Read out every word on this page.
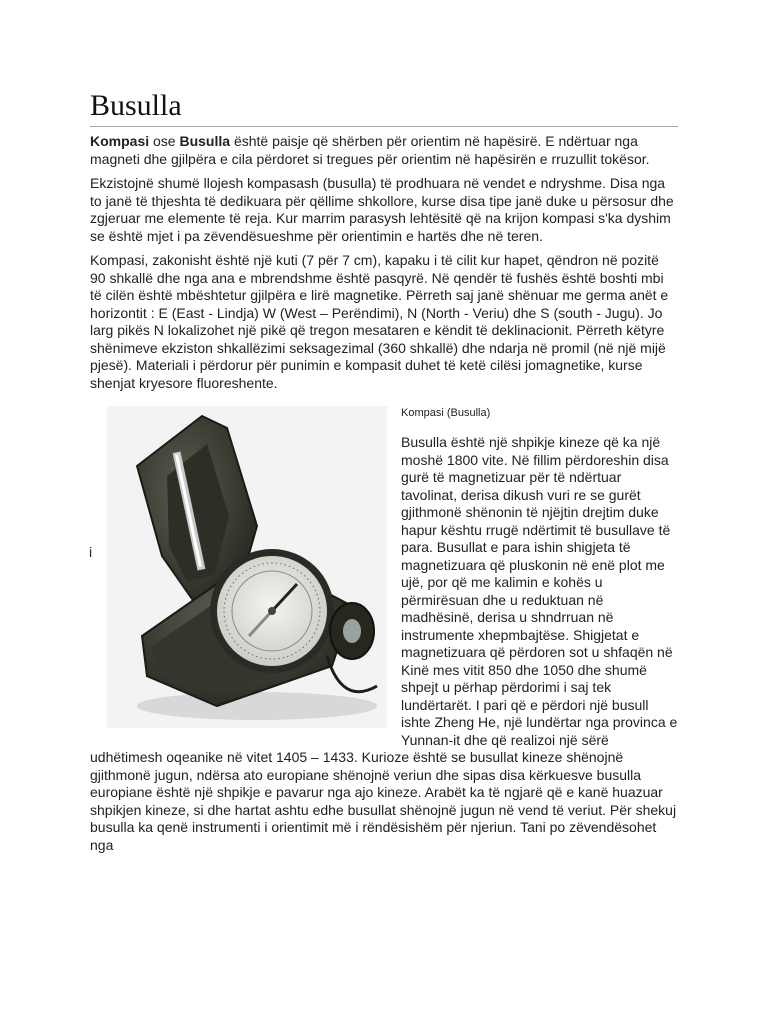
Busulla

Kompasi ose Busulla është paisje që shërben për orientim në hapësirë. E ndërtuar nga magneti dhe gjilpëra e cila përdoret si tregues për orientim në hapësirën e rruzullit tokësor.

Ekzistojnë shumë llojesh kompasash (busulla) të prodhuara në vendet e ndryshme. Disa nga to janë të thjeshta të dedikuara për qëllime shkollore, kurse disa tipe janë duke u përsosur dhe zgjeruar me elemente të reja. Kur marrim parasysh lehtësitë që na krijon kompasi s'ka dyshim se është mjet i pa zëvendësueshme për orientimin e hartës dhe në teren.

Kompasi, zakonisht është një kuti (7 për 7 cm), kapaku i të cilit kur hapet, qëndron në pozitë 90 shkallë dhe nga ana e mbrendshme është pasqyrë. Në qendër të fushës është boshti mbi të cilën është mbështetur gjilpëra e lirë magnetike. Përreth saj janë shënuar me germa anët e horizontit : E (East - Lindja) W (West – Perëndimi), N (North - Veriu) dhe S (south - Jugu). Jo larg pikës N lokalizohet një pikë që tregon mesataren e këndit të deklinacionit. Përreth këtyre shënimeve ekziston shkallëzimi seksagezimal (360 shkallë) dhe ndarja në promil (në një mijë pjesë). Materiali i përdorur për punimin e kompasit duhet të ketë cilësi jomagnetike, kurse shenjat kryesore fluoreshente.

i
Kompasi (Busulla)

Busulla është një shpikje kineze që ka një moshë 1800 vite. Në fillim përdoreshin disa gurë të magnetizuar për të ndërtuar tavolinat, derisa dikush vuri re se gurët gjithmonë shënonin të njëjtin drejtim duke hapur kështu rrugë ndërtimit të busullave të para. Busullat e para ishin shigjeta të magnetizuara që pluskonin në enë plot me ujë, por që me kalimin e kohës u përmirësuan dhe u reduktuan në madhësinë, derisa u shndrruan në instrumente xhepmbajtëse. Shigjetat e magnetizuara që përdoren sot u shfaqën në Kinë mes vitit 850 dhe 1050 dhe shumë shpejt u përhap përdorimi i saj tek lundërtarët. I pari që e përdori një busull ishte Zheng He, një lundërtar nga provinca e Yunnan-it dhe që realizoi një sërë udhëtimesh oqeanike në vitet 1405 – 1433. Kurioze është se busullat kineze shënojnë gjithmonë jugun, ndërsa ato europiane shënojnë veriun dhe sipas disa kërkuesve busulla europiane është një shpikje e pavarur nga ajo kineze. Arabët ka të ngjarë që e kanë huazuar shpikjen kineze, si dhe hartat ashtu edhe busullat shënojnë jugun në vend të veriut. Për shekuj busulla ka qenë instrumenti i orientimit më i rëndësishëm për njeriun. Tani po zëvendësohet nga
